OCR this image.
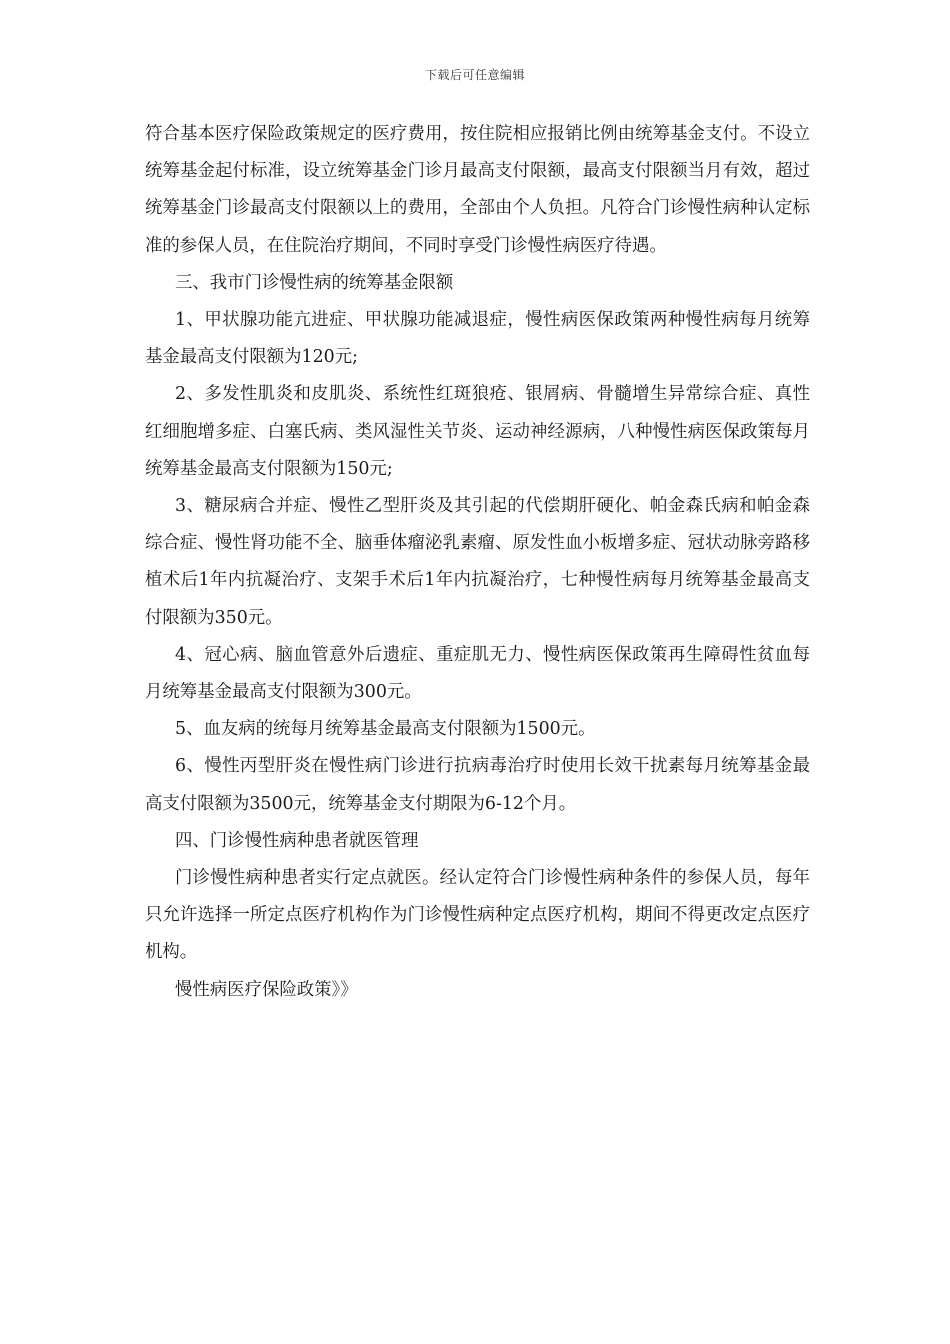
下载后可任意编辑

符合基本医疗保险政策规定的医疗费用，按住院相应报销比例由统筹基金支付。不设立统筹基金起付标准，设立统筹基金门诊月最高支付限额，最高支付限额当月有效，超过统筹基金门诊最高支付限额以上的费用，全部由个人负担。凡符合门诊慢性病种认定标准的参保人员，在住院治疗期间，不同时享受门诊慢性病医疗待遇。

三、我市门诊慢性病的统筹基金限额

1、甲状腺功能亢进症、甲状腺功能减退症，慢性病医保政策两种慢性病每月统筹基金最高支付限额为120元;

2、多发性肌炎和皮肌炎、系统性红斑狼疮、银屑病、骨髓增生异常综合症、真性红细胞增多症、白塞氏病、类风湿性关节炎、运动神经源病，八种慢性病医保政策每月统筹基金最高支付限额为150元;

3、糖尿病合并症、慢性乙型肝炎及其引起的代偿期肝硬化、帕金森氏病和帕金森综合症、慢性肾功能不全、脑垂体瘤泌乳素瘤、原发性血小板增多症、冠状动脉旁路移植术后1年内抗凝治疗、支架手术后1年内抗凝治疗，七种慢性病每月统筹基金最高支付限额为350元。

4、冠心病、脑血管意外后遗症、重症肌无力、慢性病医保政策再生障碍性贫血每月统筹基金最高支付限额为300元。

5、血友病的统每月统筹基金最高支付限额为1500元。

6、慢性丙型肝炎在慢性病门诊进行抗病毒治疗时使用长效干扰素每月统筹基金最高支付限额为3500元，统筹基金支付期限为6-12个月。

四、门诊慢性病种患者就医管理

门诊慢性病种患者实行定点就医。经认定符合门诊慢性病种条件的参保人员，每年只允许选择一所定点医疗机构作为门诊慢性病种定点医疗机构，期间不得更改定点医疗机构。

慢性病医疗保险政策》》
